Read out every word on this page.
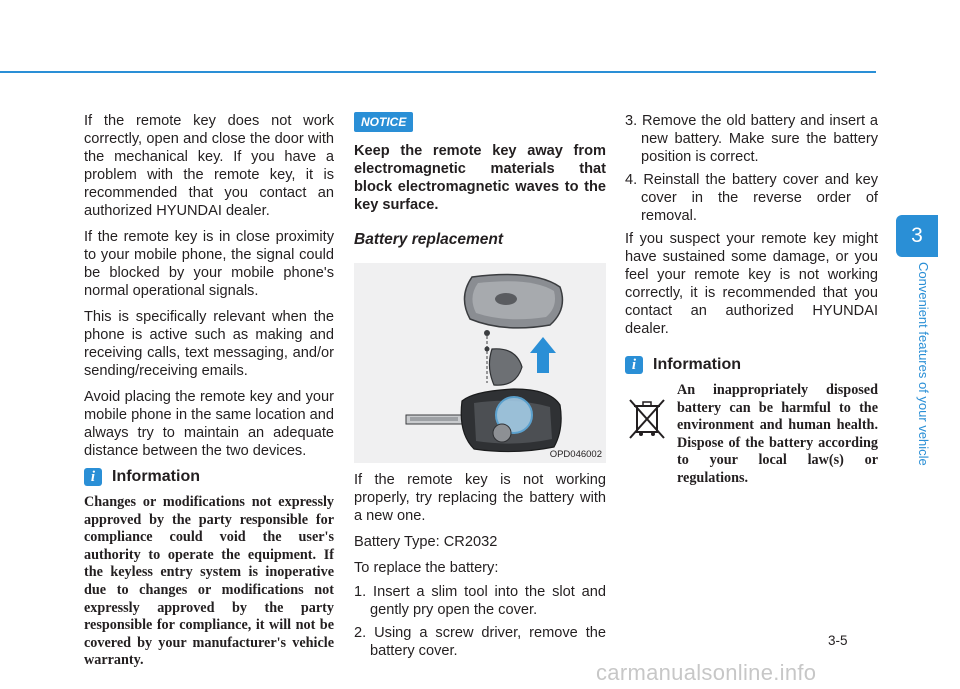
If the remote key does not work correctly, open and close the door with the mechanical key. If you have a problem with the remote key, it is recommended that you contact an authorized HYUNDAI dealer.

If the remote key is in close proximity to your mobile phone, the signal could be blocked by your mobile phone's normal operational signals.

This is specifically relevant when the phone is active such as making and receiving calls, text messaging, and/or sending/receiving emails.

Avoid placing the remote key and your mobile phone in the same location and always try to maintain an adequate distance between the two devices.

i	Information

Changes or modifications not expressly approved by the party responsible for compliance could void the user's authority to operate the equipment. If the keyless entry system is inoperative due to changes or modifications not expressly approved by the party responsible for compliance, it will not be covered by your manufacturer's vehicle warranty.

NOTICE

Keep the remote key away from electromagnetic materials that block electromagnetic waves to the key surface.

Battery replacement
OPD046002

If the remote key is not working properly, try replacing the battery with a new one.

Battery Type: CR2032

To replace the battery:

1. Insert a slim tool into the slot and gently pry open the cover.
2. Using a screw driver, remove the battery cover.
3. Remove the old battery and insert a new battery. Make sure the battery position is correct.
4. Reinstall the battery cover and key cover in the reverse order of removal.

If you suspect your remote key might have sustained some damage, or you feel your remote key is not working correctly, it is recommended that you contact an authorized HYUNDAI dealer.

i	Information

An inappropriately disposed battery can be harmful to the environment and human health. Dispose of the battery according to your local law(s) or regulations.

3
Convenient features of your vehicle
3-5
carmanualsonline.info
